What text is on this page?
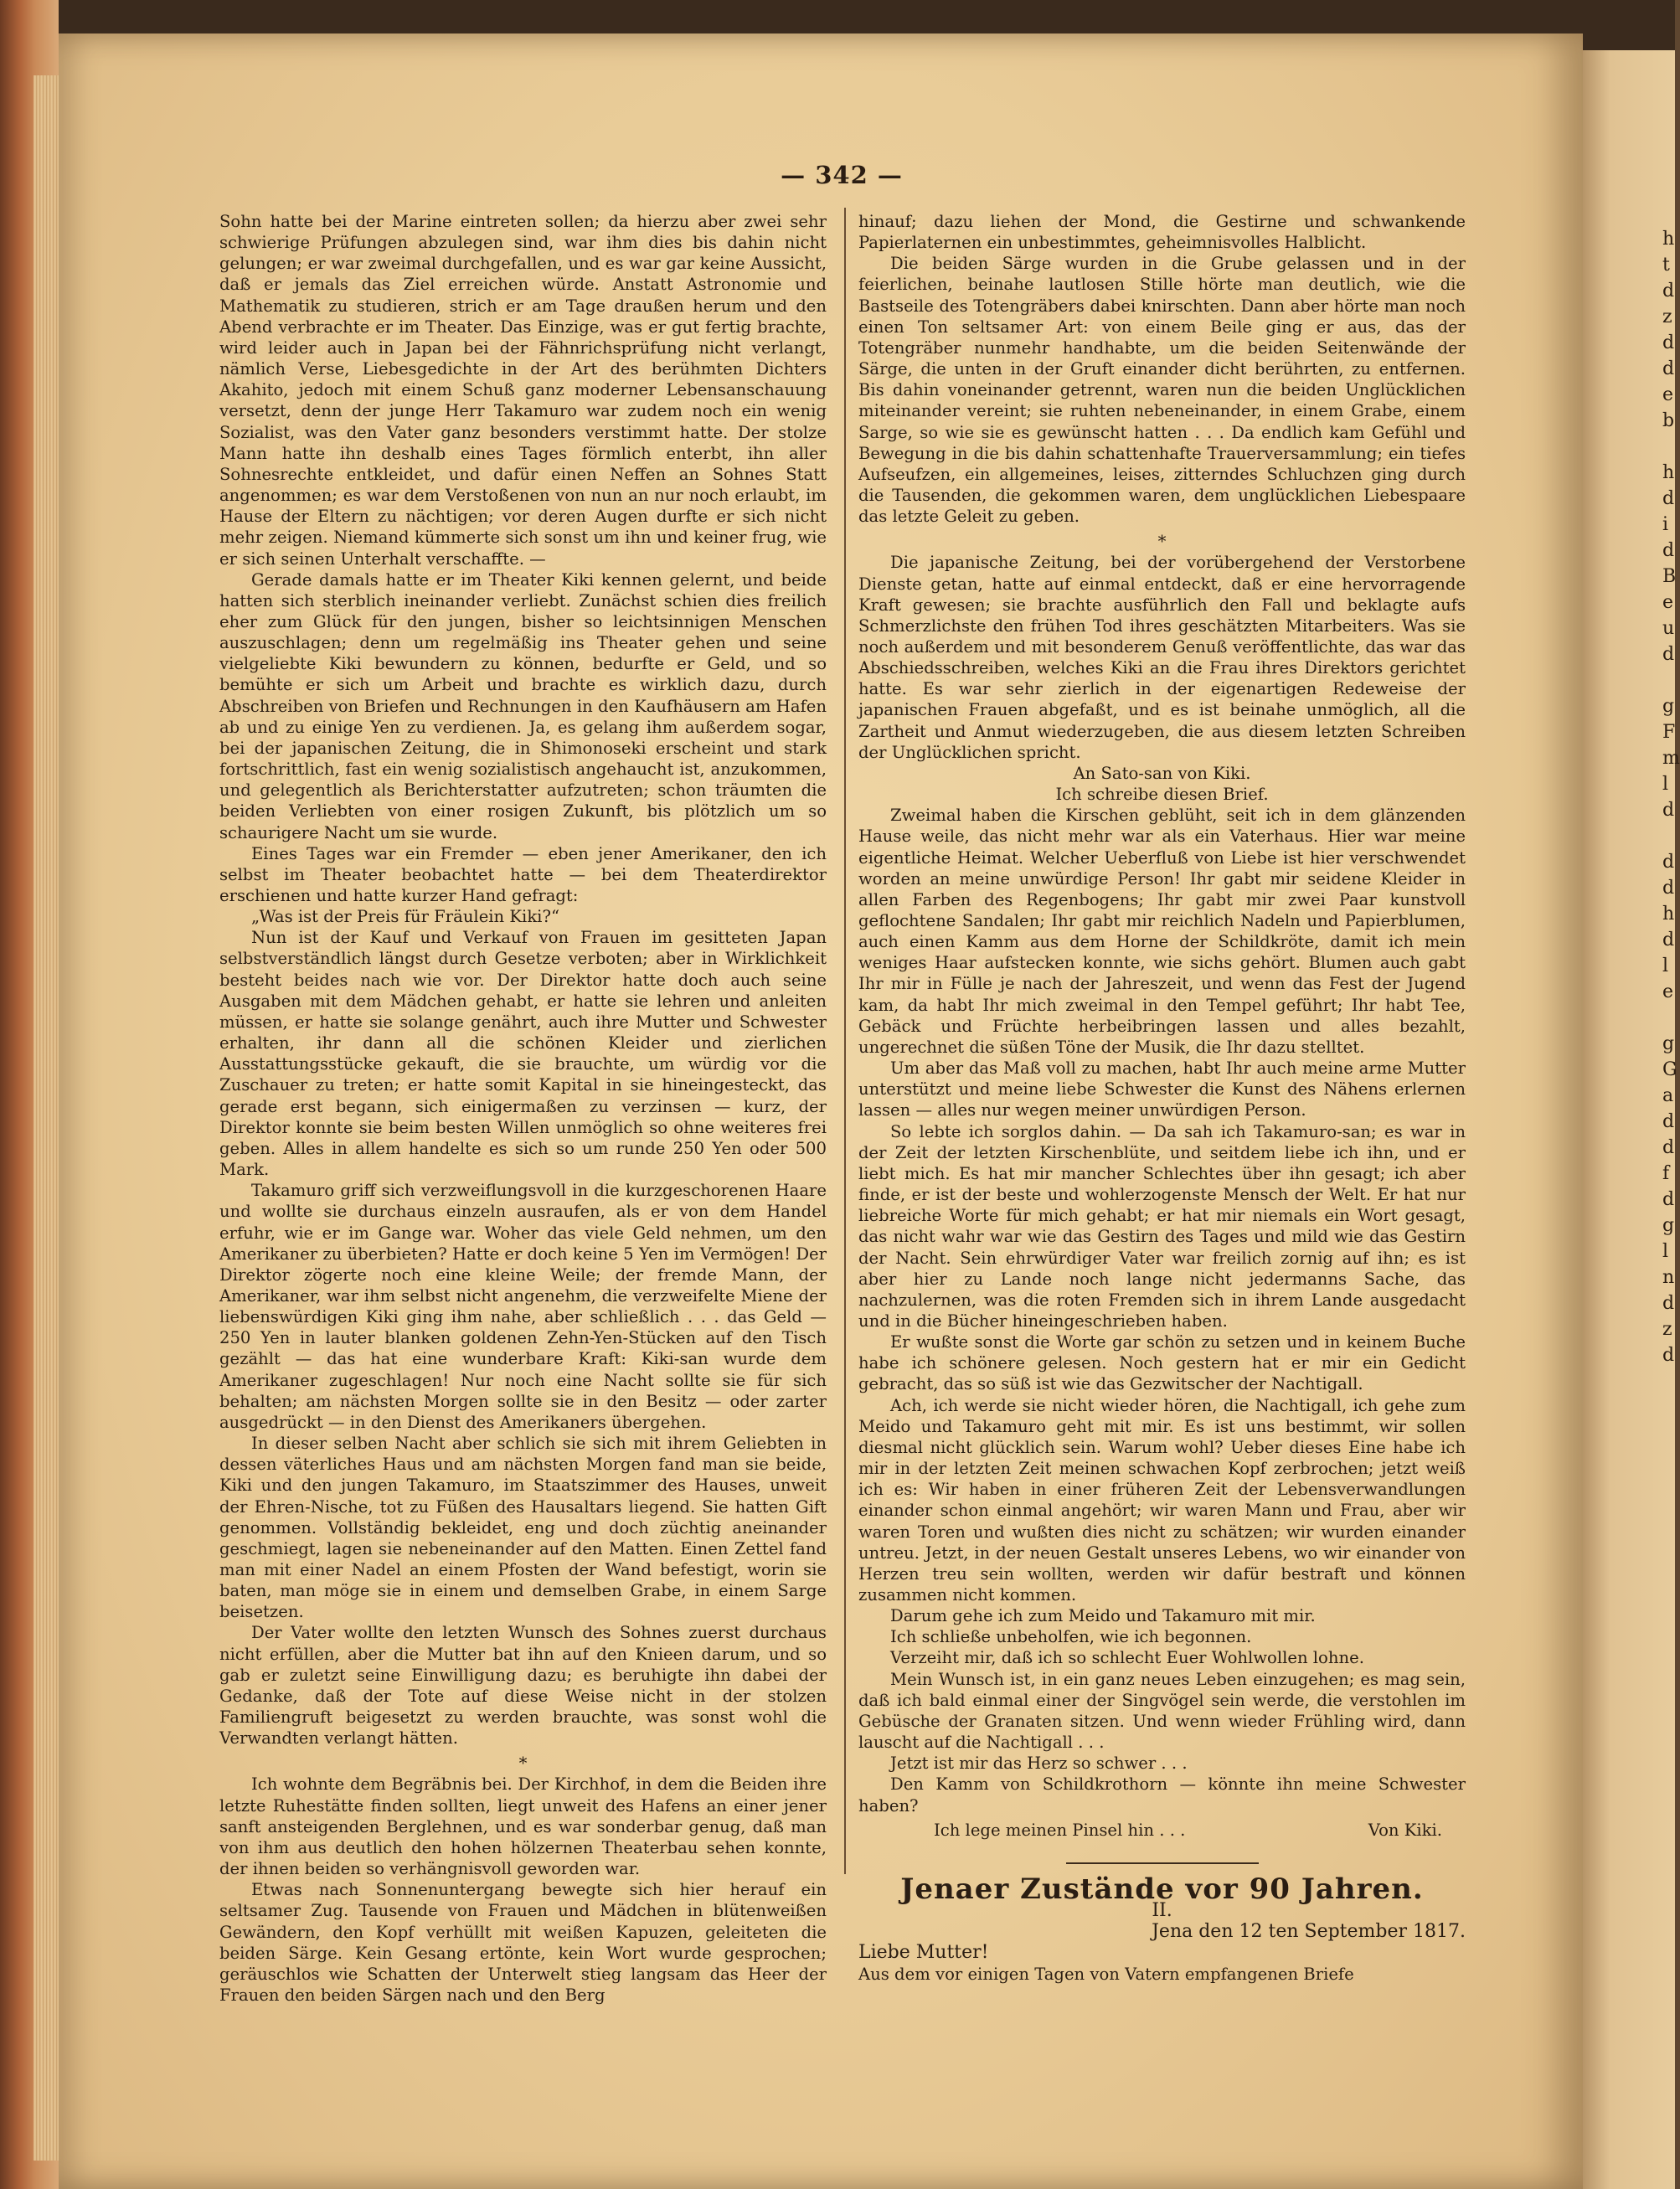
h
t
d
z
d
d
e
b

h
d
i
d
B
e
u
d

g
F
m
l
d

d
d
h
d
l
e

g
G
a
d
d
f
d
g
l
n
d
z
d
— 342 —

Sohn hatte bei der Marine eintreten sollen; da hierzu aber zwei sehr schwierige Prüfungen abzulegen sind, war ihm dies bis dahin nicht gelungen; er war zweimal durchgefallen, und es war gar keine Aussicht, daß er jemals das Ziel erreichen würde. Anstatt Astronomie und Mathematik zu studieren, strich er am Tage draußen herum und den Abend verbrachte er im Theater. Das Einzige, was er gut fertig brachte, wird leider auch in Japan bei der Fähnrichsprüfung nicht verlangt, nämlich Verse, Liebesgedichte in der Art des berühmten Dichters Akahito, jedoch mit einem Schuß ganz moderner Lebensanschauung versetzt, denn der junge Herr Takamuro war zudem noch ein wenig Sozialist, was den Vater ganz besonders verstimmt hatte. Der stolze Mann hatte ihn deshalb eines Tages förmlich enterbt, ihn aller Sohnesrechte entkleidet, und dafür einen Neffen an Sohnes Statt angenommen; es war dem Verstoßenen von nun an nur noch erlaubt, im Hause der Eltern zu nächtigen; vor deren Augen durfte er sich nicht mehr zeigen. Niemand kümmerte sich sonst um ihn und keiner frug, wie er sich seinen Unterhalt verschaffte. —

Gerade damals hatte er im Theater Kiki kennen gelernt, und beide hatten sich sterblich ineinander verliebt. Zunächst schien dies freilich eher zum Glück für den jungen, bisher so leichtsinnigen Menschen auszuschlagen; denn um regelmäßig ins Theater gehen und seine vielgeliebte Kiki bewundern zu können, bedurfte er Geld, und so bemühte er sich um Arbeit und brachte es wirklich dazu, durch Abschreiben von Briefen und Rechnungen in den Kaufhäusern am Hafen ab und zu einige Yen zu verdienen. Ja, es gelang ihm außerdem sogar, bei der japanischen Zeitung, die in Shimonoseki erscheint und stark fortschrittlich, fast ein wenig sozialistisch angehaucht ist, anzukommen, und gelegentlich als Berichterstatter aufzutreten; schon träumten die beiden Verliebten von einer rosigen Zukunft, bis plötzlich um so schaurigere Nacht um sie wurde.

Eines Tages war ein Fremder — eben jener Amerikaner, den ich selbst im Theater beobachtet hatte — bei dem Theaterdirektor erschienen und hatte kurzer Hand gefragt:

„Was ist der Preis für Fräulein Kiki?“

Nun ist der Kauf und Verkauf von Frauen im gesitteten Japan selbstverständlich längst durch Gesetze verboten; aber in Wirklichkeit besteht beides nach wie vor. Der Direktor hatte doch auch seine Ausgaben mit dem Mädchen gehabt, er hatte sie lehren und anleiten müssen, er hatte sie solange genährt, auch ihre Mutter und Schwester erhalten, ihr dann all die schönen Kleider und zierlichen Ausstattungsstücke gekauft, die sie brauchte, um würdig vor die Zuschauer zu treten; er hatte somit Kapital in sie hineingesteckt, das gerade erst begann, sich einigermaßen zu verzinsen — kurz, der Direktor konnte sie beim besten Willen unmöglich so ohne weiteres frei geben. Alles in allem handelte es sich so um runde 250 Yen oder 500 Mark.

Takamuro griff sich verzweiflungsvoll in die kurzgeschorenen Haare und wollte sie durchaus einzeln ausraufen, als er von dem Handel erfuhr, wie er im Gange war. Woher das viele Geld nehmen, um den Amerikaner zu überbieten? Hatte er doch keine 5 Yen im Vermögen! Der Direktor zögerte noch eine kleine Weile; der fremde Mann, der Amerikaner, war ihm selbst nicht angenehm, die verzweifelte Miene der liebenswürdigen Kiki ging ihm nahe, aber schließlich . . . das Geld — 250 Yen in lauter blanken goldenen Zehn-Yen-Stücken auf den Tisch gezählt — das hat eine wunderbare Kraft: Kiki-san wurde dem Amerikaner zugeschlagen! Nur noch eine Nacht sollte sie für sich behalten; am nächsten Morgen sollte sie in den Besitz — oder zarter ausgedrückt — in den Dienst des Amerikaners übergehen.

In dieser selben Nacht aber schlich sie sich mit ihrem Geliebten in dessen väterliches Haus und am nächsten Morgen fand man sie beide, Kiki und den jungen Takamuro, im Staatszimmer des Hauses, unweit der Ehren-Nische, tot zu Füßen des Hausaltars liegend. Sie hatten Gift genommen. Vollständig bekleidet, eng und doch züchtig aneinander geschmiegt, lagen sie nebeneinander auf den Matten. Einen Zettel fand man mit einer Nadel an einem Pfosten der Wand befestigt, worin sie baten, man möge sie in einem und demselben Grabe, in einem Sarge beisetzen.

Der Vater wollte den letzten Wunsch des Sohnes zuerst durchaus nicht erfüllen, aber die Mutter bat ihn auf den Knieen darum, und so gab er zuletzt seine Einwilligung dazu; es beruhigte ihn dabei der Gedanke, daß der Tote auf diese Weise nicht in der stolzen Familiengruft beigesetzt zu werden brauchte, was sonst wohl die Verwandten verlangt hätten.

*

Ich wohnte dem Begräbnis bei. Der Kirchhof, in dem die Beiden ihre letzte Ruhestätte finden sollten, liegt unweit des Hafens an einer jener sanft ansteigenden Berglehnen, und es war sonderbar genug, daß man von ihm aus deutlich den hohen hölzernen Theaterbau sehen konnte, der ihnen beiden so verhängnisvoll geworden war.

Etwas nach Sonnenuntergang bewegte sich hier herauf ein seltsamer Zug. Tausende von Frauen und Mädchen in blütenweißen Gewändern, den Kopf verhüllt mit weißen Kapuzen, geleiteten die beiden Särge. Kein Gesang ertönte, kein Wort wurde gesprochen; geräuschlos wie Schatten der Unterwelt stieg langsam das Heer der Frauen den beiden Särgen nach und den Berg

hinauf; dazu liehen der Mond, die Gestirne und schwankende Papierlaternen ein unbestimmtes, geheimnisvolles Halblicht.

Die beiden Särge wurden in die Grube gelassen und in der feierlichen, beinahe lautlosen Stille hörte man deutlich, wie die Bastseile des Totengräbers dabei knirschten. Dann aber hörte man noch einen Ton seltsamer Art: von einem Beile ging er aus, das der Totengräber nunmehr handhabte, um die beiden Seitenwände der Särge, die unten in der Gruft einander dicht berührten, zu entfernen. Bis dahin voneinander getrennt, waren nun die beiden Unglücklichen miteinander vereint; sie ruhten nebeneinander, in einem Grabe, einem Sarge, so wie sie es gewünscht hatten . . . Da endlich kam Gefühl und Bewegung in die bis dahin schattenhafte Trauerversammlung; ein tiefes Aufseufzen, ein allgemeines, leises, zitterndes Schluchzen ging durch die Tausenden, die gekommen waren, dem unglücklichen Liebespaare das letzte Geleit zu geben.

*

Die japanische Zeitung, bei der vorübergehend der Verstorbene Dienste getan, hatte auf einmal entdeckt, daß er eine hervorragende Kraft gewesen; sie brachte ausführlich den Fall und beklagte aufs Schmerzlichste den frühen Tod ihres geschätzten Mitarbeiters. Was sie noch außerdem und mit besonderem Genuß veröffentlichte, das war das Abschiedsschreiben, welches Kiki an die Frau ihres Direktors gerichtet hatte. Es war sehr zierlich in der eigenartigen Redeweise der japanischen Frauen abgefaßt, und es ist beinahe unmöglich, all die Zartheit und Anmut wiederzugeben, die aus diesem letzten Schreiben der Unglücklichen spricht.

An Sato-san von Kiki.

Ich schreibe diesen Brief.

Zweimal haben die Kirschen geblüht, seit ich in dem glänzenden Hause weile, das nicht mehr war als ein Vaterhaus. Hier war meine eigentliche Heimat. Welcher Ueberfluß von Liebe ist hier verschwendet worden an meine unwürdige Person! Ihr gabt mir seidene Kleider in allen Farben des Regenbogens; Ihr gabt mir zwei Paar kunstvoll geflochtene Sandalen; Ihr gabt mir reichlich Nadeln und Papierblumen, auch einen Kamm aus dem Horne der Schildkröte, damit ich mein weniges Haar aufstecken konnte, wie sichs gehört. Blumen auch gabt Ihr mir in Fülle je nach der Jahreszeit, und wenn das Fest der Jugend kam, da habt Ihr mich zweimal in den Tempel geführt; Ihr habt Tee, Gebäck und Früchte herbeibringen lassen und alles bezahlt, ungerechnet die süßen Töne der Musik, die Ihr dazu stelltet.

Um aber das Maß voll zu machen, habt Ihr auch meine arme Mutter unterstützt und meine liebe Schwester die Kunst des Nähens erlernen lassen — alles nur wegen meiner unwürdigen Person.

So lebte ich sorglos dahin. — Da sah ich Takamuro-san; es war in der Zeit der letzten Kirschenblüte, und seitdem liebe ich ihn, und er liebt mich. Es hat mir mancher Schlechtes über ihn gesagt; ich aber finde, er ist der beste und wohlerzogenste Mensch der Welt. Er hat nur liebreiche Worte für mich gehabt; er hat mir niemals ein Wort gesagt, das nicht wahr war wie das Gestirn des Tages und mild wie das Gestirn der Nacht. Sein ehrwürdiger Vater war freilich zornig auf ihn; es ist aber hier zu Lande noch lange nicht jedermanns Sache, das nachzulernen, was die roten Fremden sich in ihrem Lande ausgedacht und in die Bücher hineingeschrieben haben.

Er wußte sonst die Worte gar schön zu setzen und in keinem Buche habe ich schönere gelesen. Noch gestern hat er mir ein Gedicht gebracht, das so süß ist wie das Gezwitscher der Nachtigall.

Ach, ich werde sie nicht wieder hören, die Nachtigall, ich gehe zum Meido und Takamuro geht mit mir. Es ist uns bestimmt, wir sollen diesmal nicht glücklich sein. Warum wohl? Ueber dieses Eine habe ich mir in der letzten Zeit meinen schwachen Kopf zerbrochen; jetzt weiß ich es: Wir haben in einer früheren Zeit der Lebensverwandlungen einander schon einmal angehört; wir waren Mann und Frau, aber wir waren Toren und wußten dies nicht zu schätzen; wir wurden einander untreu. Jetzt, in der neuen Gestalt unseres Lebens, wo wir einander von Herzen treu sein wollten, werden wir dafür bestraft und können zusammen nicht kommen.

Darum gehe ich zum Meido und Takamuro mit mir.

Ich schließe unbeholfen, wie ich begonnen.

Verzeiht mir, daß ich so schlecht Euer Wohlwollen lohne.

Mein Wunsch ist, in ein ganz neues Leben einzugehen; es mag sein, daß ich bald einmal einer der Singvögel sein werde, die verstohlen im Gebüsche der Granaten sitzen. Und wenn wieder Frühling wird, dann lauscht auf die Nachtigall . . .

Jetzt ist mir das Herz so schwer . . .

Den Kamm von Schildkrothorn — könnte ihn meine Schwester haben?

Ich lege meinen Pinsel hin . . .	Von Kiki.

Jenaer Zustände vor 90 Jahren.

II.

Jena den 12 ten September 1817.

Liebe Mutter!

Aus dem vor einigen Tagen von Vatern empfangenen Briefe
